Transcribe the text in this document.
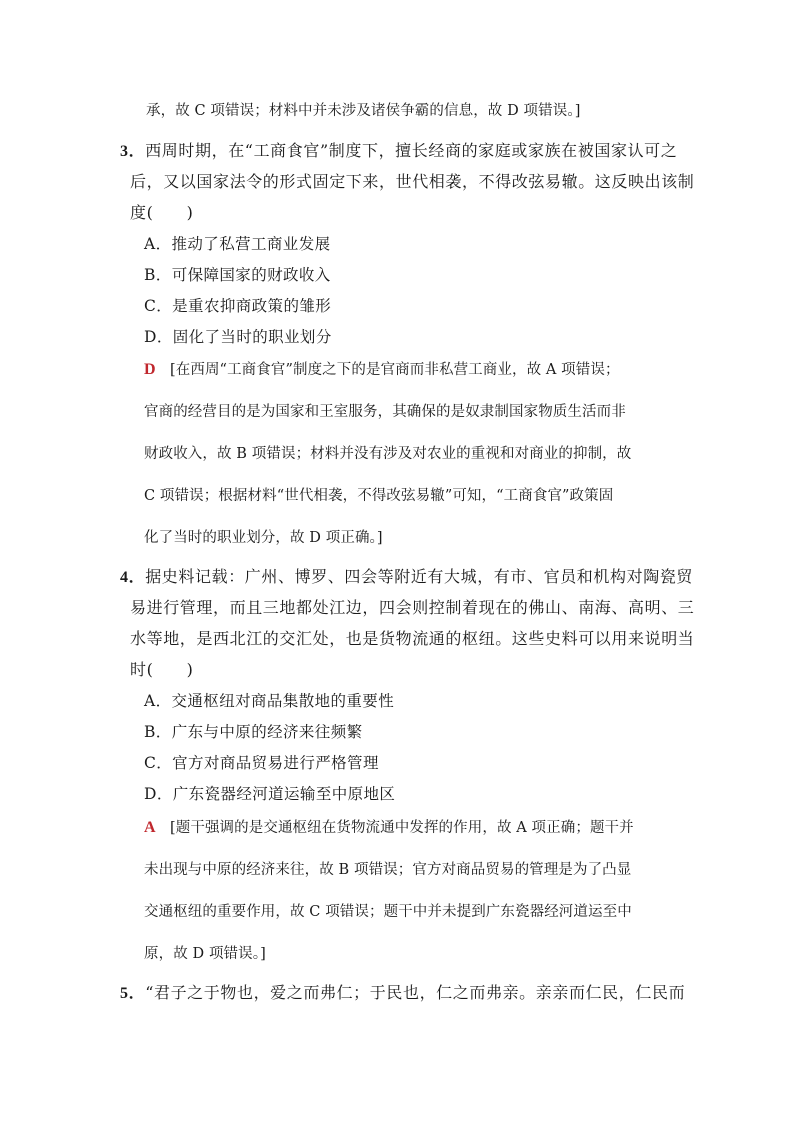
承，故 C 项错误；材料中并未涉及诸侯争霸的信息，故 D 项错误。]
3．西周时期，在“工商食官”制度下，擅长经商的家庭或家族在被国家认可之
后，又以国家法令的形式固定下来，世代相袭，不得改弦易辙。这反映出该制
度(　　)
A．推动了私营工商业发展
B．可保障国家的财政收入
C．是重农抑商政策的雏形
D．固化了当时的职业划分
D [在西周“工商食官”制度之下的是官商而非私营工商业，故 A 项错误；
官商的经营目的是为国家和王室服务，其确保的是奴隶制国家物质生活而非
财政收入，故 B 项错误；材料并没有涉及对农业的重视和对商业的抑制，故
C 项错误；根据材料“世代相袭，不得改弦易辙”可知，“工商食官”政策固
化了当时的职业划分，故 D 项正确。]
4．据史料记载：广州、博罗、四会等附近有大城，有市、官员和机构对陶瓷贸
易进行管理，而且三地都处江边，四会则控制着现在的佛山、南海、高明、三
水等地，是西北江的交汇处，也是货物流通的枢纽。这些史料可以用来说明当
时(　　)
A．交通枢纽对商品集散地的重要性
B．广东与中原的经济来往频繁
C．官方对商品贸易进行严格管理
D．广东瓷器经河道运输至中原地区
A [题干强调的是交通枢纽在货物流通中发挥的作用，故 A 项正确；题干并
未出现与中原的经济来往，故 B 项错误；官方对商品贸易的管理是为了凸显
交通枢纽的重要作用，故 C 项错误；题干中并未提到广东瓷器经河道运至中
原，故 D 项错误。]
5．“君子之于物也，爱之而弗仁；于民也，仁之而弗亲。亲亲而仁民，仁民而
